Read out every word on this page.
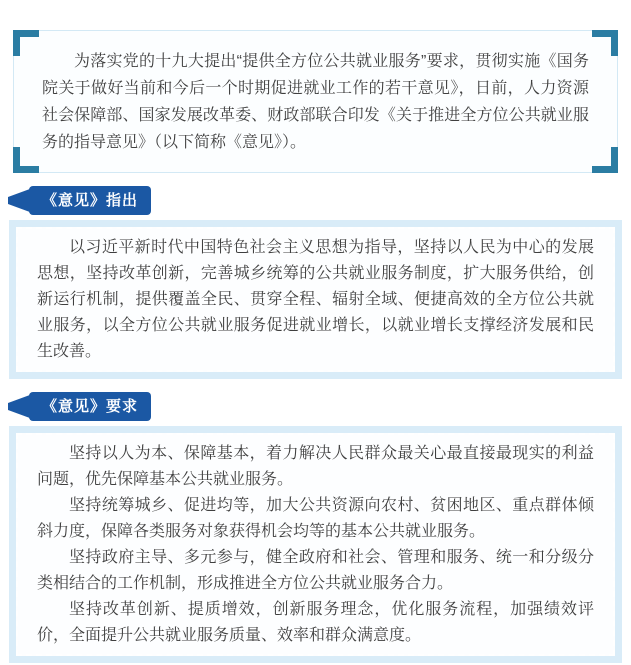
为落实党的十九大提出“提供全方位公共就业服务”要求，贯彻实施《国务院关于做好当前和今后一个时期促进就业工作的若干意见》，日前，人力资源社会保障部、国家发展改革委、财政部联合印发《关于推进全方位公共就业服务的指导意见》（以下简称《意见》）。

《意见》指出

以习近平新时代中国特色社会主义思想为指导，坚持以人民为中心的发展思想，坚持改革创新，完善城乡统筹的公共就业服务制度，扩大服务供给，创新运行机制，提供覆盖全民、贯穿全程、辐射全域、便捷高效的全方位公共就业服务，以全方位公共就业服务促进就业增长，以就业增长支撑经济发展和民生改善。

《意见》要求

坚持以人为本、保障基本，着力解决人民群众最关心最直接最现实的利益问题，优先保障基本公共就业服务。

坚持统筹城乡、促进均等，加大公共资源向农村、贫困地区、重点群体倾斜力度，保障各类服务对象获得机会均等的基本公共就业服务。

坚持政府主导、多元参与，健全政府和社会、管理和服务、统一和分级分类相结合的工作机制，形成推进全方位公共就业服务合力。

坚持改革创新、提质增效，创新服务理念，优化服务流程，加强绩效评价，全面提升公共就业服务质量、效率和群众满意度。
